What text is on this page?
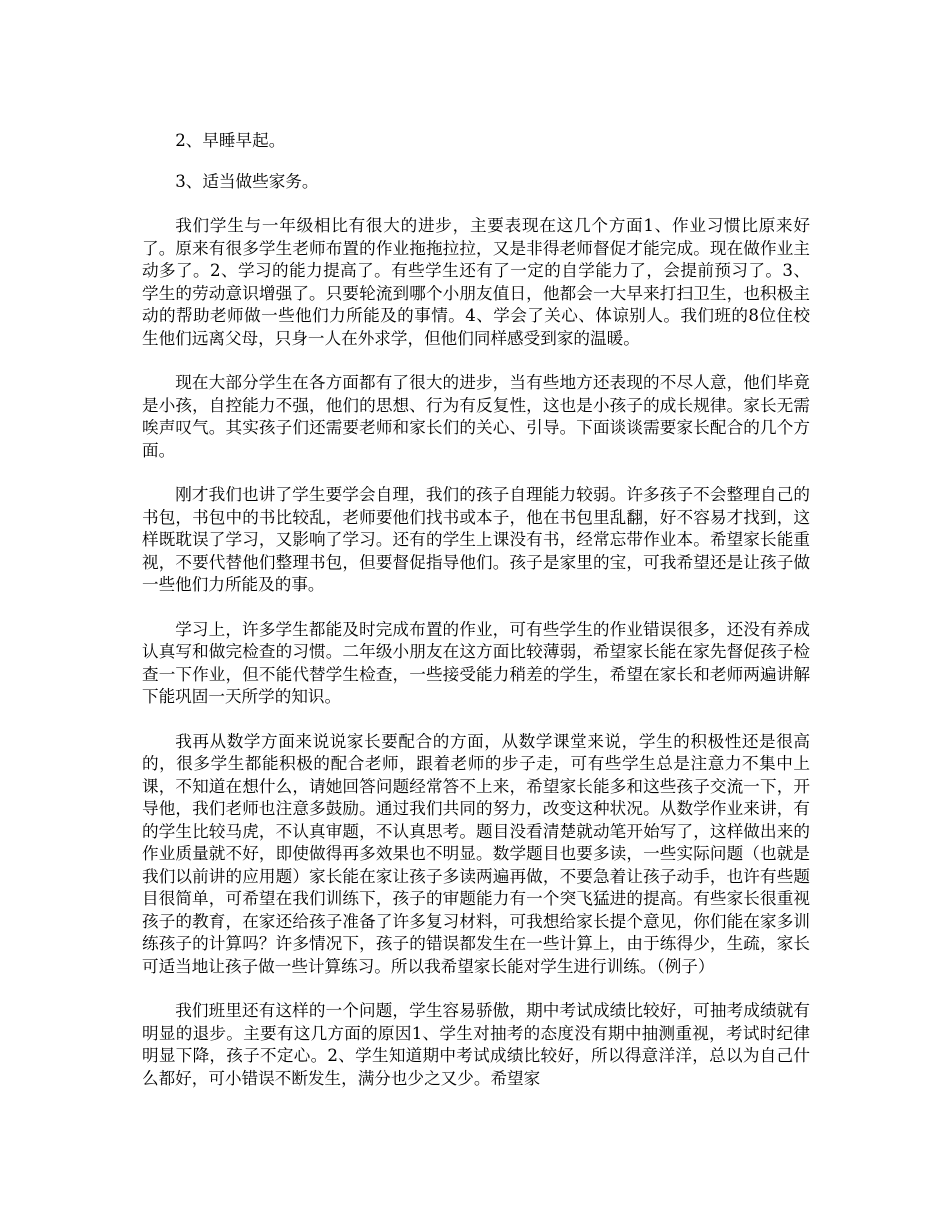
2、早睡早起。

3、适当做些家务。

我们学生与一年级相比有很大的进步，主要表现在这几个方面1、作业习惯比原来好了。原来有很多学生老师布置的作业拖拖拉拉，又是非得老师督促才能完成。现在做作业主动多了。2、学习的能力提高了。有些学生还有了一定的自学能力了，会提前预习了。3、学生的劳动意识增强了。只要轮流到哪个小朋友值日，他都会一大早来打扫卫生，也积极主动的帮助老师做一些他们力所能及的事情。4、学会了关心、体谅别人。我们班的8位住校生他们远离父母，只身一人在外求学，但他们同样感受到家的温暖。

现在大部分学生在各方面都有了很大的进步，当有些地方还表现的不尽人意，他们毕竟是小孩，自控能力不强，他们的思想、行为有反复性，这也是小孩子的成长规律。家长无需唉声叹气。其实孩子们还需要老师和家长们的关心、引导。下面谈谈需要家长配合的几个方面。

刚才我们也讲了学生要学会自理，我们的孩子自理能力较弱。许多孩子不会整理自己的书包，书包中的书比较乱，老师要他们找书或本子，他在书包里乱翻，好不容易才找到，这样既耽误了学习，又影响了学习。还有的学生上课没有书，经常忘带作业本。希望家长能重视，不要代替他们整理书包，但要督促指导他们。孩子是家里的宝，可我希望还是让孩子做一些他们力所能及的事。

学习上，许多学生都能及时完成布置的作业，可有些学生的作业错误很多，还没有养成认真写和做完检查的习惯。二年级小朋友在这方面比较薄弱，希望家长能在家先督促孩子检查一下作业，但不能代替学生检查，一些接受能力稍差的学生，希望在家长和老师两遍讲解下能巩固一天所学的知识。

我再从数学方面来说说家长要配合的方面，从数学课堂来说，学生的积极性还是很高的，很多学生都能积极的配合老师，跟着老师的步子走，可有些学生总是注意力不集中上课，不知道在想什么，请她回答问题经常答不上来，希望家长能多和这些孩子交流一下，开导他，我们老师也注意多鼓励。通过我们共同的努力，改变这种状况。从数学作业来讲，有的学生比较马虎，不认真审题，不认真思考。题目没看清楚就动笔开始写了，这样做出来的作业质量就不好，即使做得再多效果也不明显。数学题目也要多读，一些实际问题（也就是我们以前讲的应用题）家长能在家让孩子多读两遍再做，不要急着让孩子动手，也许有些题目很简单，可希望在我们训练下，孩子的审题能力有一个突飞猛进的提高。有些家长很重视孩子的教育，在家还给孩子准备了许多复习材料，可我想给家长提个意见，你们能在家多训练孩子的计算吗？许多情况下，孩子的错误都发生在一些计算上，由于练得少，生疏，家长可适当地让孩子做一些计算练习。所以我希望家长能对学生进行训练。（例子）

我们班里还有这样的一个问题，学生容易骄傲，期中考试成绩比较好，可抽考成绩就有明显的退步。主要有这几方面的原因1、学生对抽考的态度没有期中抽测重视，考试时纪律明显下降，孩子不定心。2、学生知道期中考试成绩比较好，所以得意洋洋，总以为自己什么都好，可小错误不断发生，满分也少之又少。希望家
